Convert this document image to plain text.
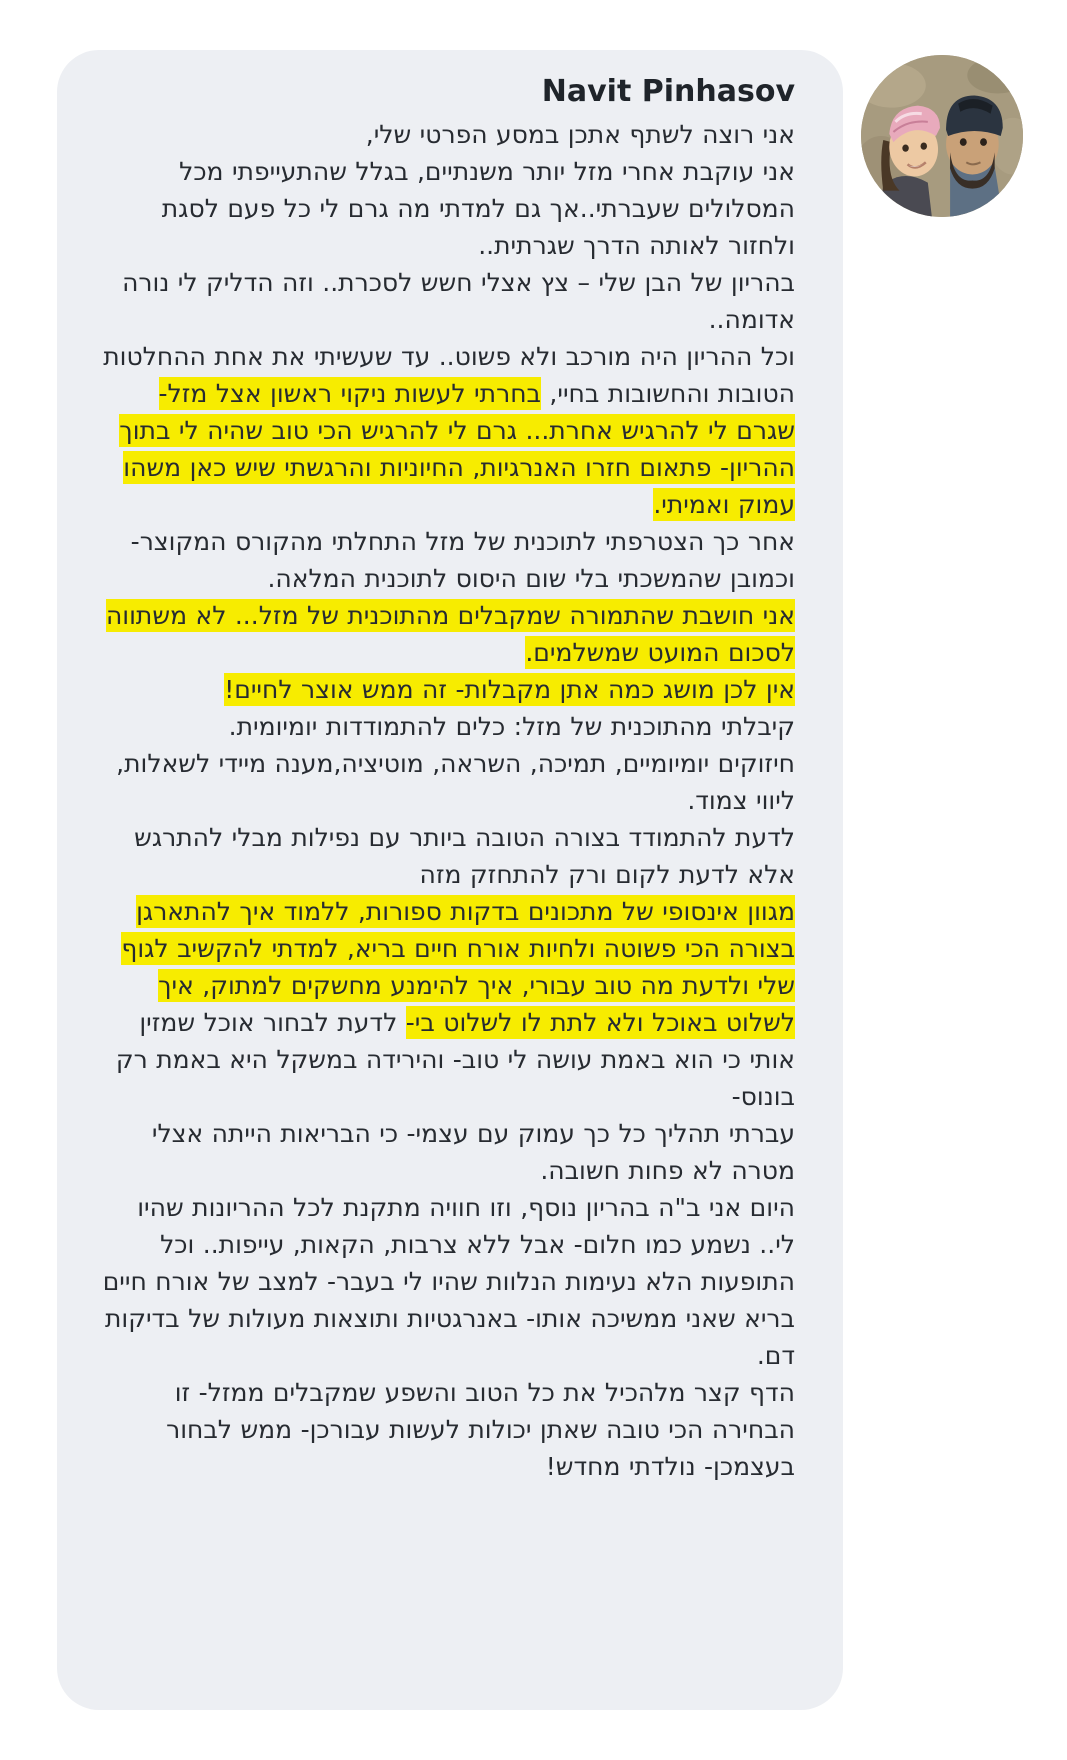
Navit Pinhasov

אני רוצה לשתף אתכן במסע הפרטי שלי,

אני עוקבת אחרי מזל יותר משנתיים, בגלל שהתעייפתי מכל המסלולים שעברתי..אך גם למדתי מה גרם לי כל פעם לסגת ולחזור לאותה הדרך שגרתית..

בהריון של הבן שלי – צץ אצלי חשש לסכרת.. וזה הדליק לי נורה אדומה..

וכל ההריון היה מורכב ולא פשוט.. עד שעשיתי את אחת ההחלטות הטובות והחשובות בחיי, בחרתי לעשות ניקוי ראשון אצל מזל- שגרם לי להרגיש אחרת... גרם לי להרגיש הכי טוב שהיה לי בתוך ההריון- פתאום חזרו האנרגיות, החיוניות והרגשתי שיש כאן משהו עמוק ואמיתי.

אחר כך הצטרפתי לתוכנית של מזל התחלתי מהקורס המקוצר- וכמובן שהמשכתי בלי שום היסוס לתוכנית המלאה.

אני חושבת שהתמורה שמקבלים מהתוכנית של מזל... לא משתווה לסכום המועט שמשלמים.

אין לכן מושג כמה אתן מקבלות- זה ממש אוצר לחיים!

קיבלתי מהתוכנית של מזל: כלים להתמודדות יומיומית.

חיזוקים יומיומיים, תמיכה, השראה, מוטיציה,מענה מיידי לשאלות, ליווי צמוד.

לדעת להתמודד בצורה הטובה ביותר עם נפילות מבלי להתרגש אלא לדעת לקום ורק להתחזק מזה

מגוון אינסופי של מתכונים בדקות ספורות, ללמוד איך להתארגן בצורה הכי פשוטה ולחיות אורח חיים בריא, למדתי להקשיב לגוף שלי ולדעת מה טוב עבורי, איך להימנע מחשקים למתוק, איך לשלוט באוכל ולא לתת לו לשלוט בי- לדעת לבחור אוכל שמזין אותי כי הוא באמת עושה לי טוב- והירידה במשקל היא באמת רק בונוס-

עברתי תהליך כל כך עמוק עם עצמי- כי הבריאות הייתה אצלי מטרה לא פחות חשובה.

היום אני ב"ה בהריון נוסף, וזו חוויה מתקנת לכל ההריונות שהיו לי.. נשמע כמו חלום- אבל ללא צרבות, הקאות, עייפות.. וכל התופעות הלא נעימות הנלוות שהיו לי בעבר- למצב של אורח חיים בריא שאני ממשיכה אותו- באנרגטיות ותוצאות מעולות של בדיקות דם.

הדף קצר מלהכיל את כל הטוב והשפע שמקבלים ממזל- זו הבחירה הכי טובה שאתן יכולות לעשות עבורכן- ממש לבחור בעצמכן- נולדתי מחדש!
